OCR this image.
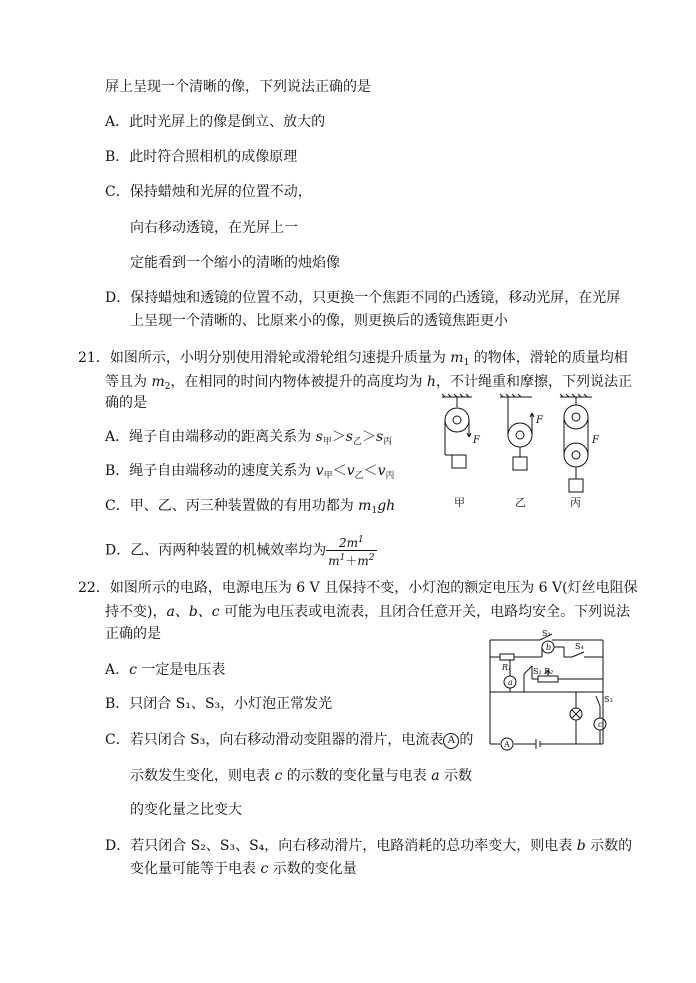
屏上呈现一个清晰的像，下列说法正确的是
A．此时光屏上的像是倒立、放大的
B．此时符合照相机的成像原理
C．保持蜡烛和光屏的位置不动，
向右移动透镜，在光屏上一
定能看到一个缩小的清晰的烛焰像
D．保持蜡烛和透镜的位置不动，只更换一个焦距不同的凸透镜，移动光屏，在光屏
上呈现一个清晰的、比原来小的像，则更换后的透镜焦距更小
21．如图所示，小明分别使用滑轮或滑轮组匀速提升质量为 $m_1$ 的物体，滑轮的质量均相
等且为 $m_2$，在相同的时间内物体被提升的高度均为 h，不计绳重和摩擦，下列说法正
确的是
A．绳子自由端移动的距离关系为 $s_甲>s_乙>s_丙$
B．绳子自由端移动的速度关系为 $v_甲<v_乙<v_丙$
C．甲、乙、丙三种装置做的有用功都为 $m_1gh$
D．乙、丙两种装置的机械效率均为 $\frac{2m^1}{m^1+m^2}$
F
F
F
甲	乙	丙
22．如图所示的电路，电源电压为 6 V 且保持不变，小灯泡的额定电压为 6 V(灯丝电阻保
持不变)，a、b、c 可能为电压表或电流表，且闭合任意开关，电路均安全。下列说法
正确的是
A．c 一定是电压表
B．只闭合 S₁、S₃，小灯泡正常发光
C．若只闭合 S₃，向右移动滑动变阻器的滑片，电流表 A 的
示数发生变化，则电表 c 的示数的变化量与电表 a 示数
的变化量之比变大
D．若只闭合 S₂、S₃、S₄，向右移动滑片，电路消耗的总功率变大，则电表 b 示数的
变化量可能等于电表 c 示数的变化量
S₁
S₄
S₂
S₃
R₁	R₂
b
a
c
A
